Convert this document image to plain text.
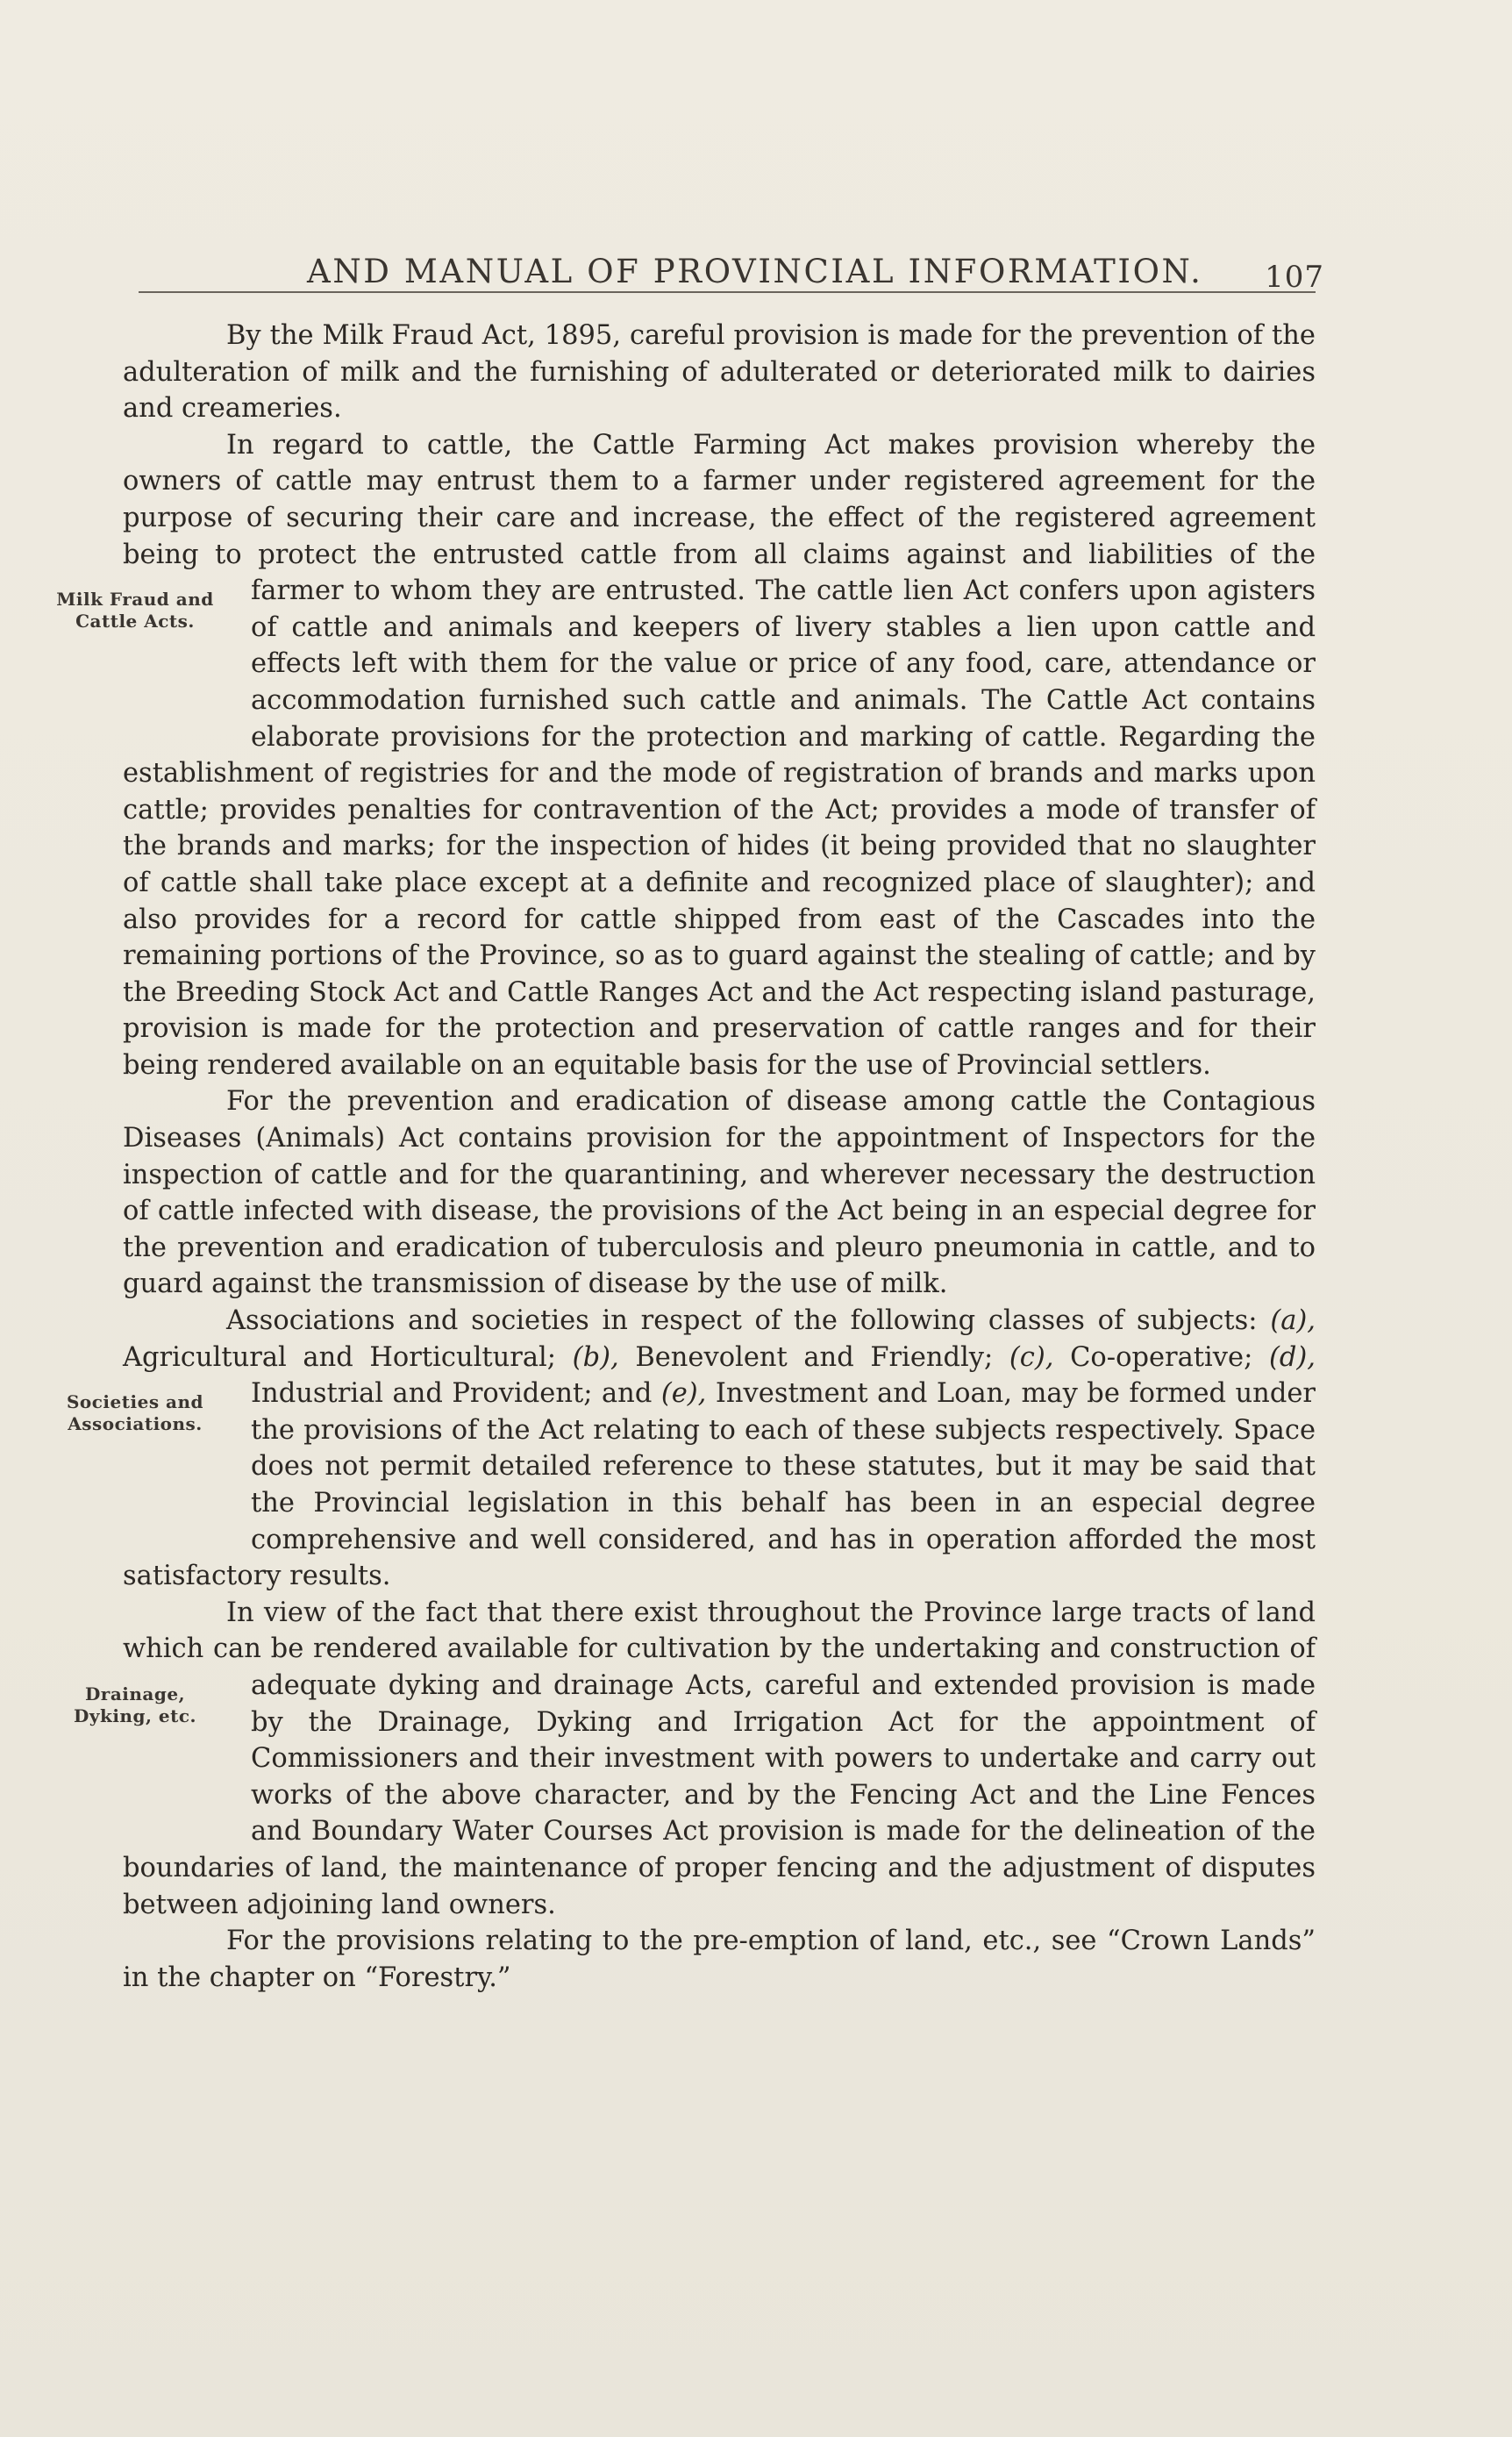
AND MANUAL OF PROVINCIAL INFORMATION. 107

By the Milk Fraud Act, 1895, careful provision is made for the prevention of the adulteration of milk and the furnishing of adulterated or deteriorated milk to dairies and creameries.

In regard to cattle, the Cattle Farming Act makes provision whereby the owners of cattle may entrust them to a farmer under registered agreement for the purpose of securing their care and increase, the effect of the registered agreement being to protect the entrusted cattle from all claims against and liabilities of the farmer to whom they are entrusted. The cattle lien Act confers upon
Milk Fraud and
Cattle Acts.
agisters of cattle and animals and keepers of livery stables a lien upon cattle and effects left with them for the value or price of any food, care, attendance or accommodation furnished such cattle and animals. The Cattle Act contains elaborate provisions for the protection and marking of cattle. Regarding the establishment of registries for and the mode of registration of brands and marks upon cattle; provides penalties for contravention of the Act; provides a mode of transfer of the brands and marks; for the inspection of hides (it being provided that no slaughter of cattle shall take place except at a definite and recognized place of slaughter); and also provides for a record for cattle shipped from east of the Cascades into the remaining portions of the Province, so as to guard against the stealing of cattle; and by the Breeding Stock Act and Cattle Ranges Act and the Act respecting island pasturage, provision is made for the protection and preservation of cattle ranges and for their being rendered available on an equitable basis for the use of Provincial settlers.

For the prevention and eradication of disease among cattle the Contagious Diseases (Animals) Act contains provision for the appointment of Inspectors for the inspection of cattle and for the quarantining, and wherever necessary the destruction of cattle infected with disease, the provisions of the Act being in an especial degree for the prevention and eradication of tuberculosis and pleuro pneumonia in cattle, and to guard against the transmission of disease by the use of milk.

Associations and societies in respect of the following classes of subjects: (a), Agricultural and Horticultural; (b), Benevolent and Friendly; (c), Co-operative; (d), Industrial and Provident; and (e), Investment and Loan, may be
Societies and
Associations.
formed under the provisions of the Act relating to each of these subjects respectively. Space does not permit detailed reference to these statutes, but it may be said that the Provincial legislation in this behalf has been in an especial degree comprehensive and well considered, and has in operation afforded the most satisfactory results.

In view of the fact that there exist throughout the Province large tracts of land which can be rendered available for cultivation by the undertaking and construction of adequate dyking and drainage Acts, careful and extended provision
Drainage,
Dyking, etc.
is made by the Drainage, Dyking and Irrigation Act for the appointment of Commissioners and their investment with powers to undertake and carry out works of the above character, and by the Fencing Act and the Line Fences and Boundary Water Courses Act provision is made for the delineation of the boundaries of land, the maintenance of proper fencing and the adjustment of disputes between adjoining land owners.

For the provisions relating to the pre-emption of land, etc., see “Crown Lands” in the chapter on “Forestry.”
